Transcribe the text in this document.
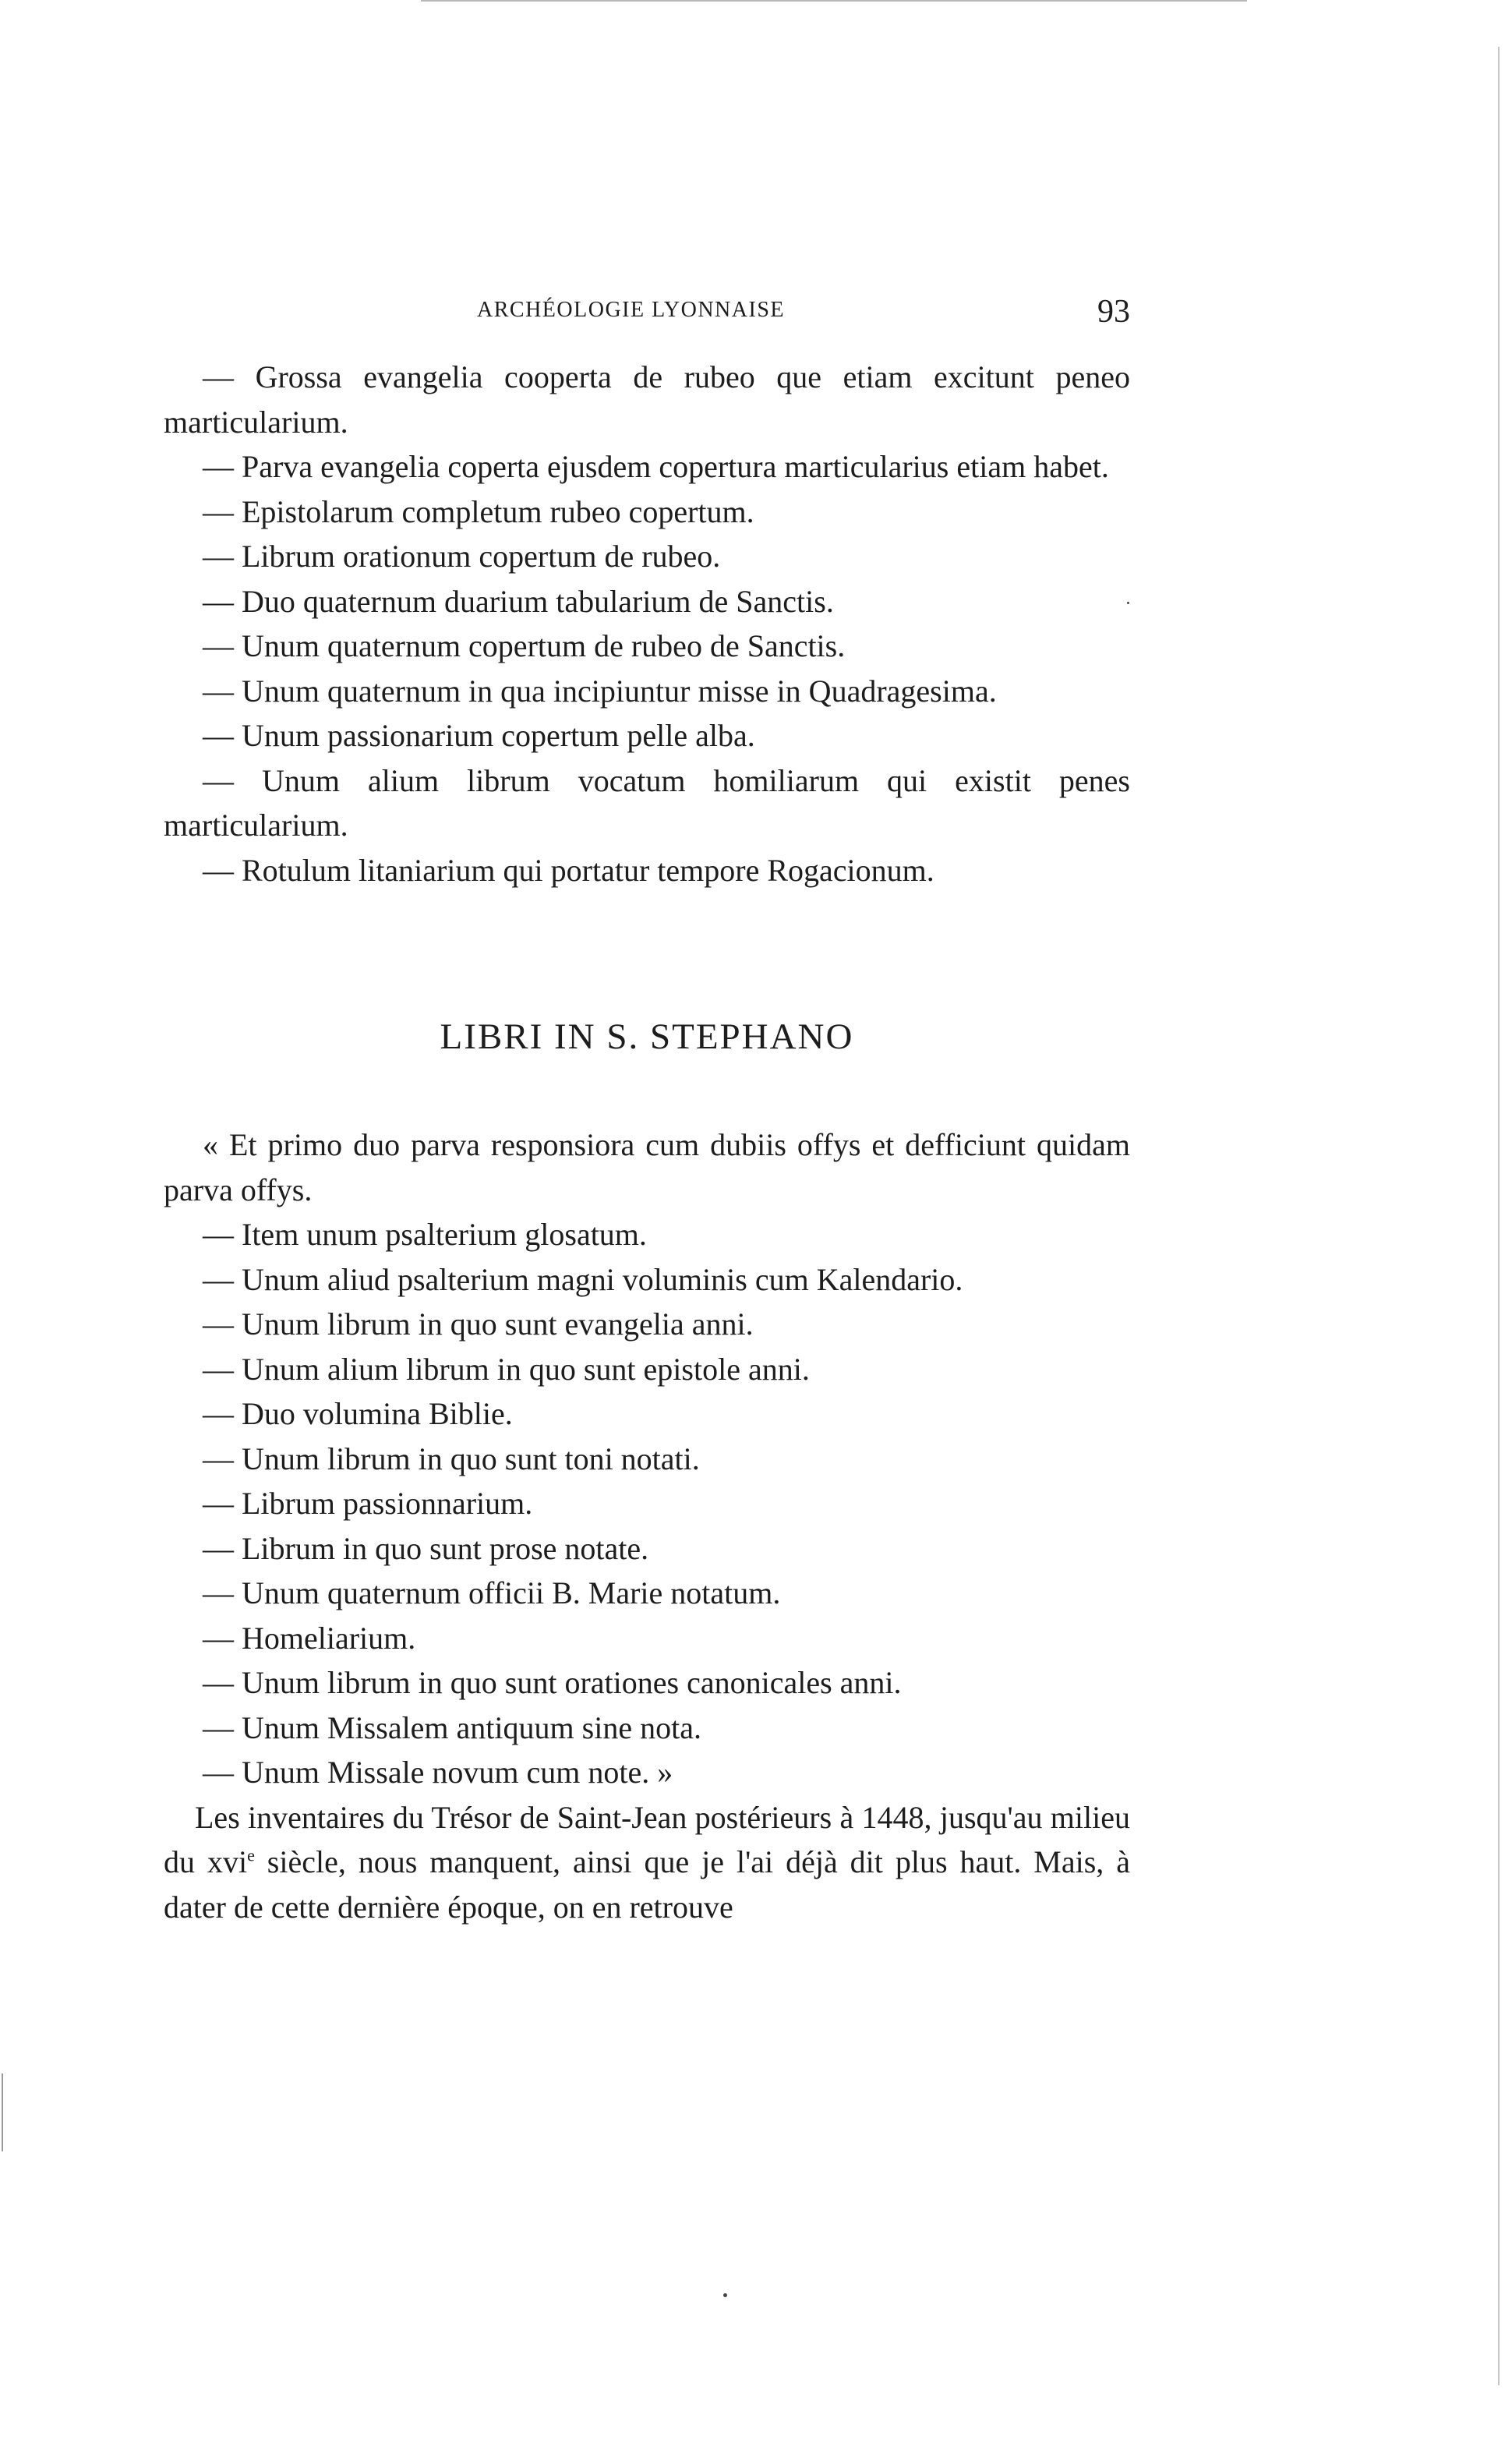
ARCHÉOLOGIE LYONNAISE	93

— Grossa evangelia cooperta de rubeo que etiam excitunt peneo marticularium.

— Parva evangelia coperta ejusdem copertura marticularius etiam habet.

— Epistolarum completum rubeo copertum.

— Librum orationum copertum de rubeo.

— Duo quaternum duarium tabularium de Sanctis.

— Unum quaternum copertum de rubeo de Sanctis.

— Unum quaternum in qua incipiuntur misse in Quadragesima.

— Unum passionarium copertum pelle alba.

— Unum alium librum vocatum homiliarum qui existit penes marticularium.

— Rotulum litaniarium qui portatur tempore Rogacionum.

LIBRI IN S. STEPHANO

« Et primo duo parva responsiora cum dubiis offys et defficiunt quidam parva offys.

— Item unum psalterium glosatum.

— Unum aliud psalterium magni voluminis cum Kalendario.

— Unum librum in quo sunt evangelia anni.

— Unum alium librum in quo sunt epistole anni.

— Duo volumina Biblie.

— Unum librum in quo sunt toni notati.

— Librum passionnarium.

— Librum in quo sunt prose notate.

— Unum quaternum officii B. Marie notatum.

— Homeliarium.

— Unum librum in quo sunt orationes canonicales anni.

— Unum Missalem antiquum sine nota.

— Unum Missale novum cum note. »

Les inventaires du Trésor de Saint-Jean postérieurs à 1448, jusqu'au milieu du xvi$^e$ siècle, nous manquent, ainsi que je l'ai déjà dit plus haut. Mais, à dater de cette dernière époque, on en retrouve
